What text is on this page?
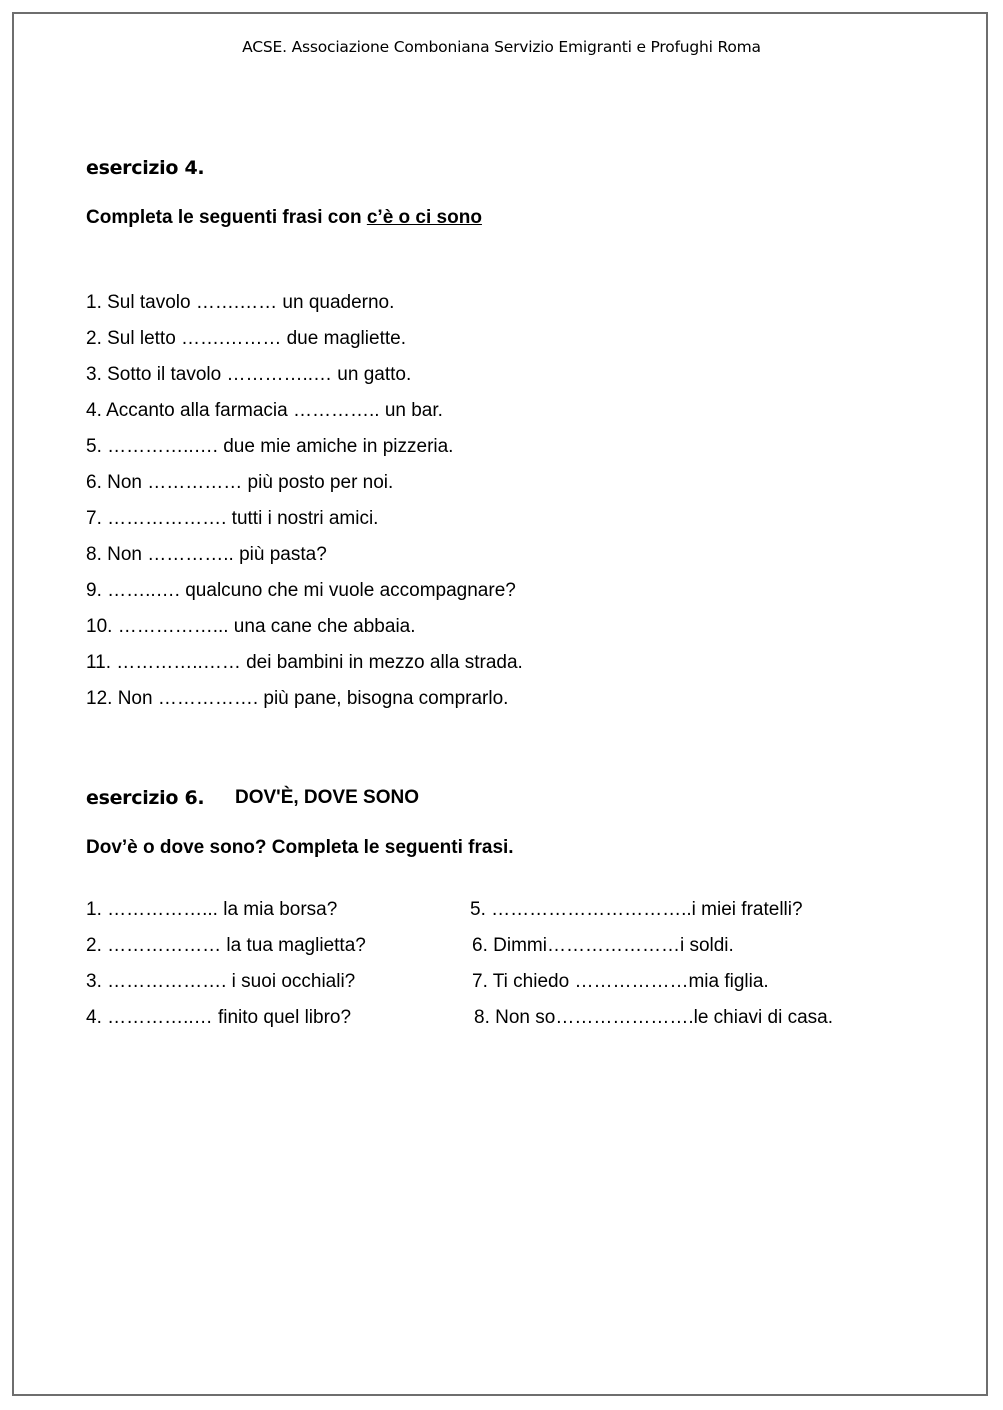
ACSE. Associazione Comboniana Servizio Emigranti e Profughi Roma
esercizio 4.
Completa le seguenti frasi con c’è o ci sono
1. Sul tavolo …….…… un quaderno.
2. Sul letto …….……… due magliette.
3. Sotto il tavolo …………..… un gatto.
4. Accanto alla farmacia ………….. un bar.
5. …………..…. due mie amiche in pizzeria.
6. Non …………… più posto per noi.
7. ………………. tutti i nostri amici.
8. Non ………….. più pasta?
9. ……..…. qualcuno che mi vuole accompagnare?
10. ……………... una cane che abbaia.
11. …………..…… dei bambini in mezzo alla strada.
12. Non ……………. più pane, bisogna comprarlo.
esercizio 6. DOV'È, DOVE SONO
Dov’è o dove sono? Completa le seguenti frasi.
1. ……………... la mia borsa?
2. ……………… la tua maglietta?
3. ………………. i suoi occhiali?
4. …………..… finito quel libro?
5. …………………………..i miei fratelli?
6. Dimmi…………………i soldi.
7. Ti chiedo ………………mia figlia.
8. Non so………………….le chiavi di casa.
